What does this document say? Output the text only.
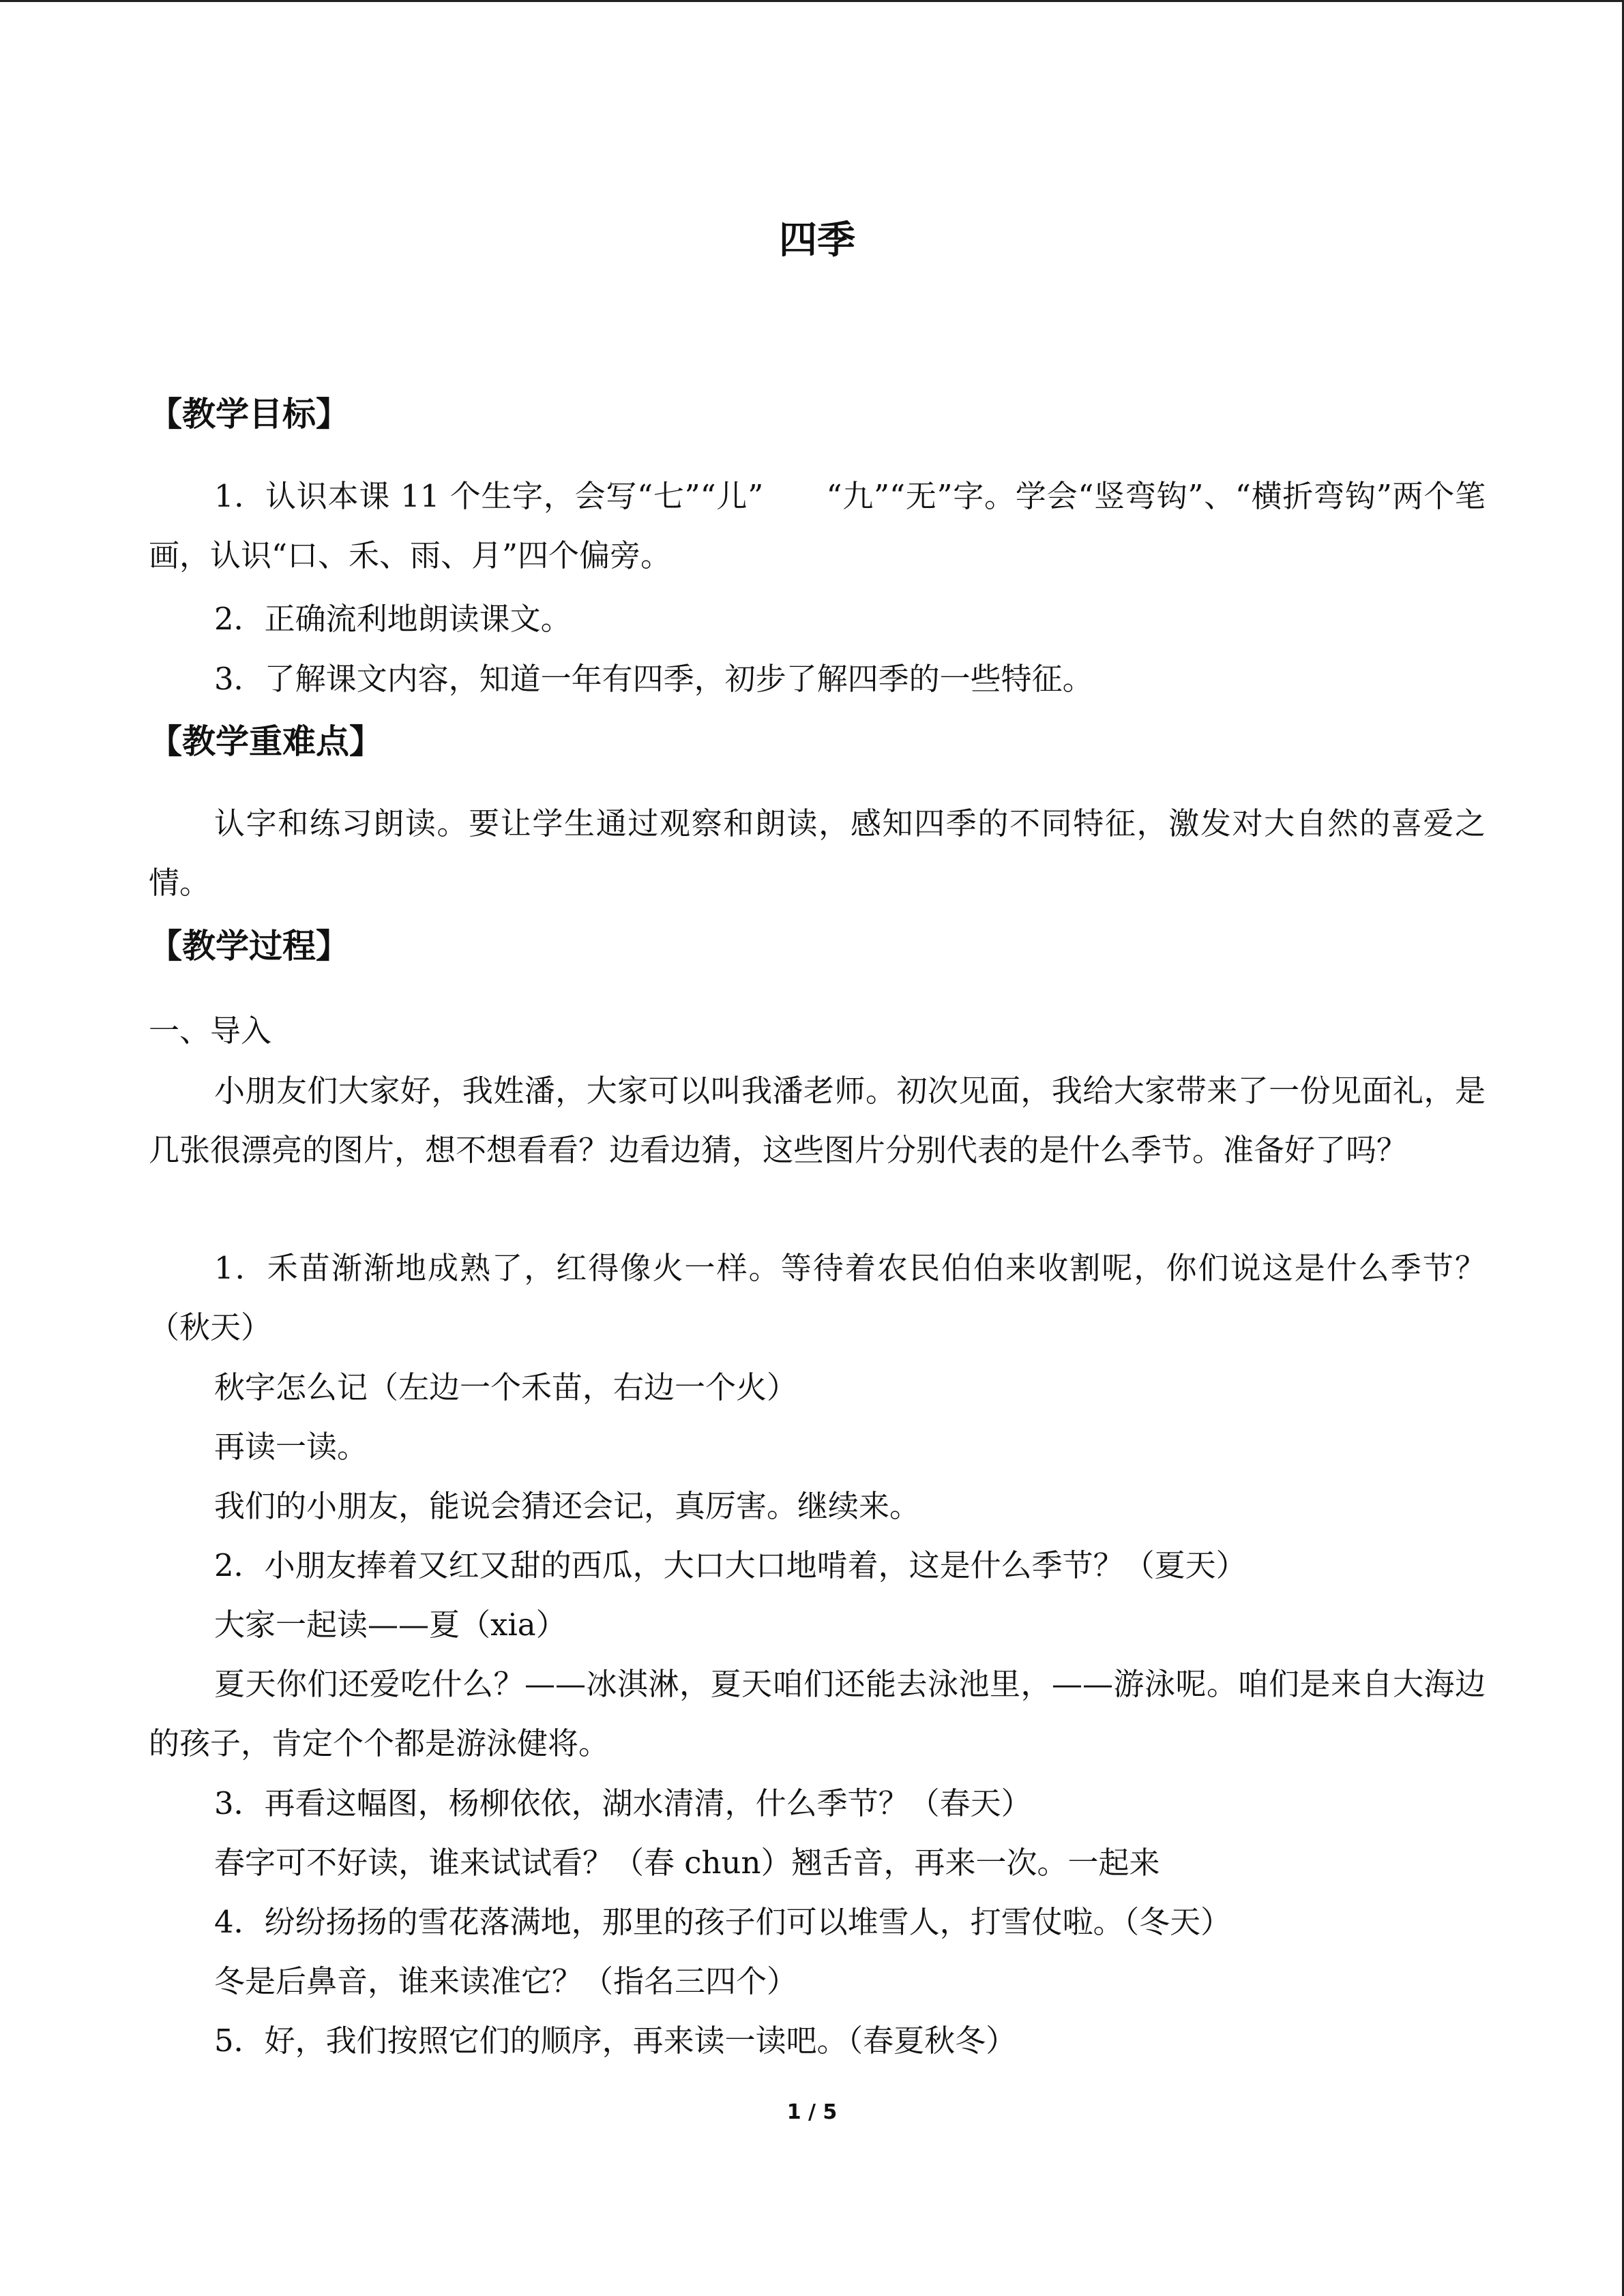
四季
【教学目标】

1．认识本课 11 个生字，会写“七”“儿”　　“九”“无”字。学会“竖弯钩”、“横折弯钩”两个笔画，认识“口、禾、雨、月”四个偏旁。

2．正确流利地朗读课文。

3．了解课文内容，知道一年有四季，初步了解四季的一些特征。

【教学重难点】

认字和练习朗读。要让学生通过观察和朗读，感知四季的不同特征，激发对大自然的喜爱之情。

【教学过程】

一、导入

小朋友们大家好，我姓潘，大家可以叫我潘老师。初次见面，我给大家带来了一份见面礼，是几张很漂亮的图片，想不想看看？边看边猜，这些图片分别代表的是什么季节。准备好了吗？

1．禾苗渐渐地成熟了，红得像火一样。等待着农民伯伯来收割呢，你们说这是什么季节？（秋天）

秋字怎么记（左边一个禾苗，右边一个火）

再读一读。

我们的小朋友，能说会猜还会记，真厉害。继续来。

2．小朋友捧着又红又甜的西瓜，大口大口地啃着，这是什么季节？（夏天）

大家一起读——夏（xia）

夏天你们还爱吃什么？——冰淇淋，夏天咱们还能去泳池里，——游泳呢。咱们是来自大海边的孩子，肯定个个都是游泳健将。

3．再看这幅图，杨柳依依，湖水清清，什么季节？（春天）

春字可不好读，谁来试试看？（春 chun）翘舌音，再来一次。一起来

4．纷纷扬扬的雪花落满地，那里的孩子们可以堆雪人，打雪仗啦。（冬天）

冬是后鼻音，谁来读准它？（指名三四个）

5．好，我们按照它们的顺序，再来读一读吧。（春夏秋冬）

1 / 5
